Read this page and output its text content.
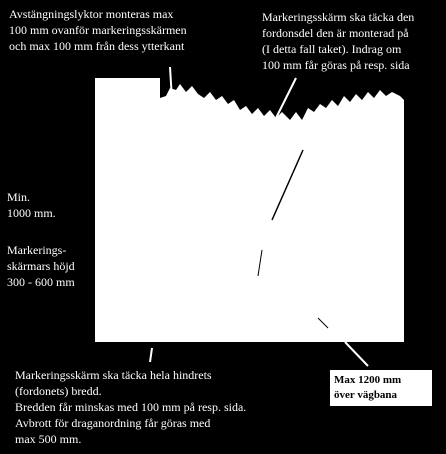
Avstängningslyktor monteras max
100 mm ovanför markeringsskärmen
och max 100 mm från dess ytterkant
Markeringsskärm ska täcka den
fordonsdel den är monterad på
(I detta fall taket). Indrag om
100 mm får göras på resp. sida
Min.
1000 mm.
Markerings-
skärmars höjd
300 - 600 mm
Markeringsskärm ska täcka hela hindrets
(fordonets) bredd.
Bredden får minskas med 100 mm på resp. sida.
Avbrott för draganordning får göras med
max 500 mm.
Max 1200 mm
över vägbana
